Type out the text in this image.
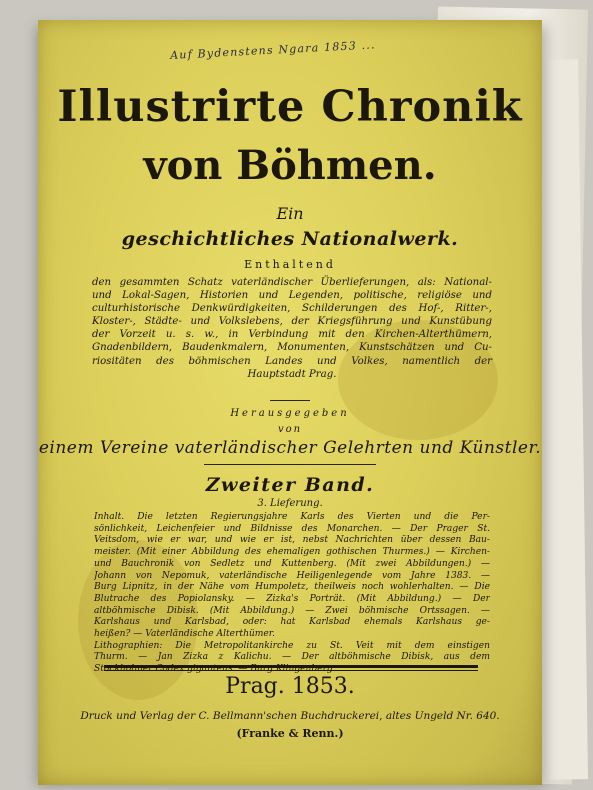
Auf Bydenstens Ngara 1853 ...
Illustrirte Chronik
von Böhmen.
Ein
geschichtliches Nationalwerk.
Enthaltend
den gesammten Schatz vaterländischer Überlieferungen, als: National-
und Lokal-Sagen, Historien und Legenden, politische, religiöse und
culturhistorische Denkwürdigkeiten, Schilderungen des Hof-, Ritter-,
Kloster-, Städte- und Volkslebens, der Kriegsführung und Kunstübung
der Vorzeit u. s. w., in Verbindung mit den Kirchen-Alterthümern,
Gnadenbildern, Baudenkmalern, Monumenten, Kunstschätzen und Cu-
riositäten des böhmischen Landes und Volkes, namentlich der
Hauptstadt Prag.
Herausgegeben
von
einem Vereine vaterländischer Gelehrten und Künstler.
Zweiter Band.
3. Lieferung.
Inhalt. Die letzten Regierungsjahre Karls des Vierten und die Per-
sönlichkeit, Leichenfeier und Bildnisse des Monarchen. — Der Prager St.
Veitsdom, wie er war, und wie er ist, nebst Nachrichten über dessen Bau-
meister. (Mit einer Abbildung des ehemaligen gothischen Thurmes.) — Kirchen-
und Bauchronik von Sedletz und Kuttenberg. (Mit zwei Abbildungen.) —
Johann von Nepomuk, vaterländische Heiligenlegende vom Jahre 1383. —
Burg Lipnitz, in der Nähe vom Humpoletz, theilweis noch wohlerhalten. — Die
Blutrache des Popiolansky. — Zizka's Porträt. (Mit Abbildung.) — Der
altböhmische Dibisk. (Mit Abbildung.) — Zwei böhmische Ortssagen. —
Karlshaus und Karlsbad, oder: hat Karlsbad ehemals Karlshaus ge-
heißen? — Vaterländische Alterthümer.
Lithographien: Die Metropolitankirche zu St. Veit mit dem einstigen
Thurm. — Jan Zizka z Kalichu. — Der altböhmische Dibisk, aus dem
Stockholmer Codex giganteus. — Burg Klingenberg.
Prag. 1853.
Druck und Verlag der C. Bellmann'schen Buchdruckerei, altes Ungeld Nr. 640.
(Franke & Renn.)
